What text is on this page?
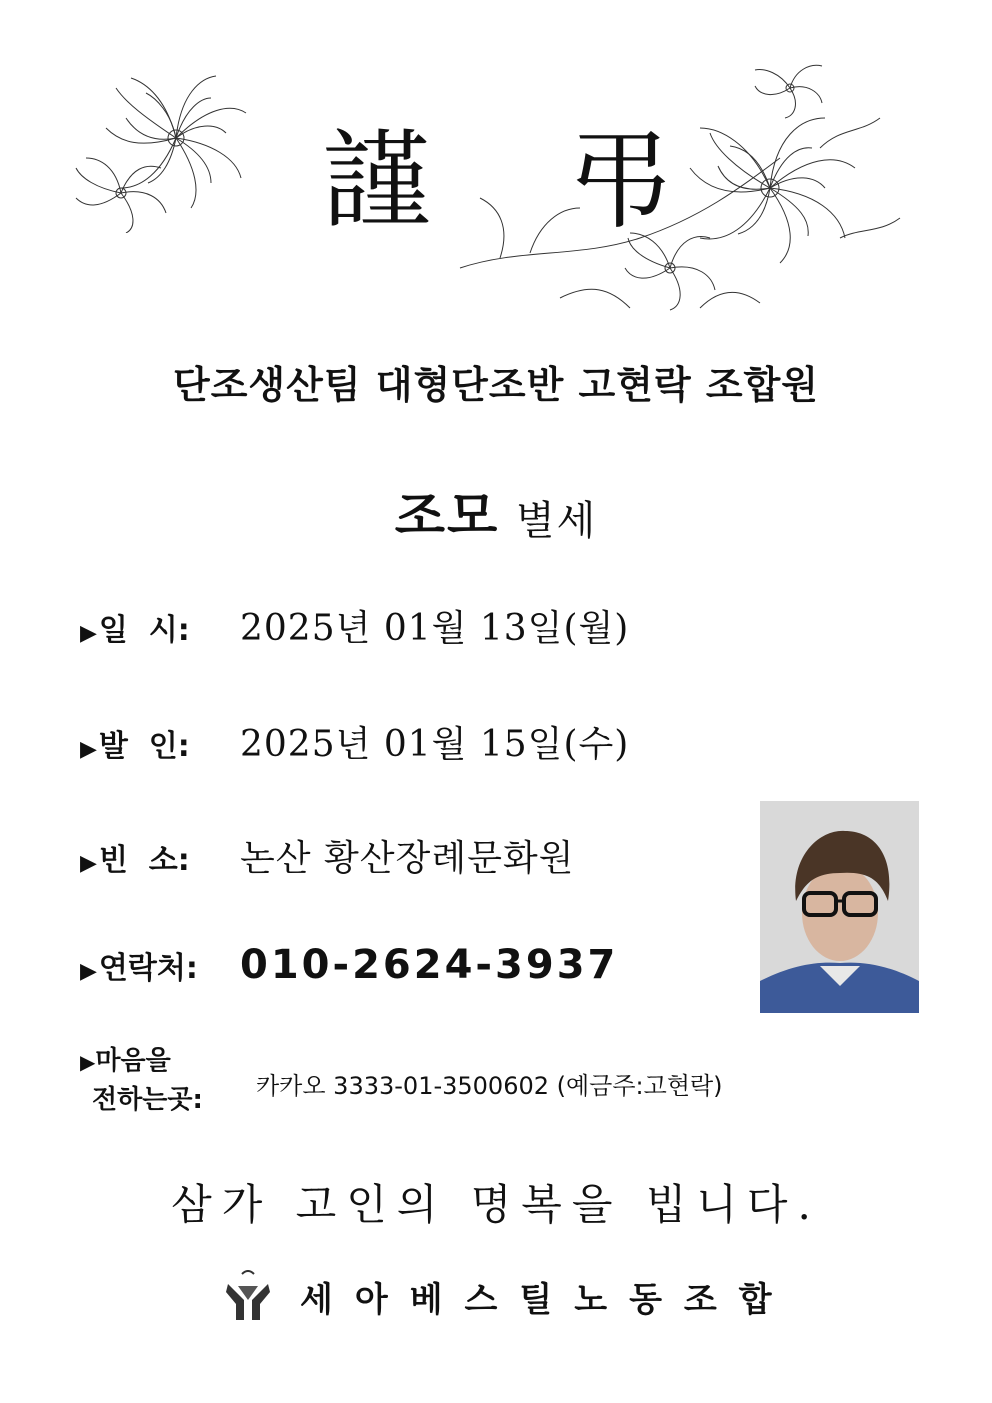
謹 弔
단조생산팀 대형단조반 고현락 조합원
조모 별세
▶일  시:	2025년 01월 13일(월)
▶발  인:	2025년 01월 15일(수)
▶빈  소:	논산 황산장례문화원
▶연락처:	010-2624-3937
▶마음을
전하는곳: 카카오 3333-01-3500602 (예금주:고현락)
삼가 고인의 명복을 빕니다.
세아베스틸노동조합
